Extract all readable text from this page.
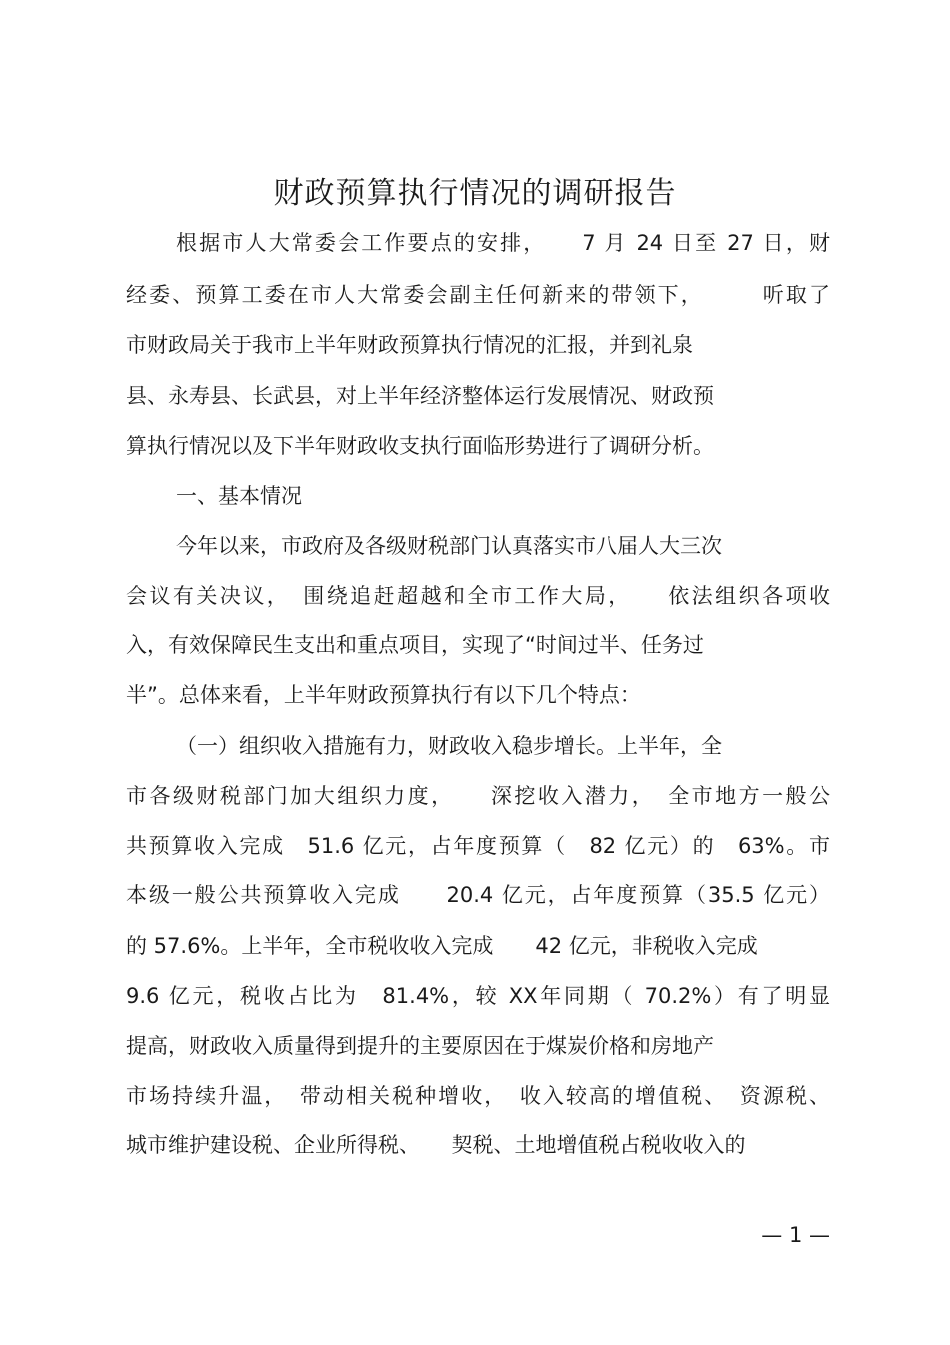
财政预算执行情况的调研报告
根据市人大常委会工作要点的安排，　　7 月 24 日至 27 日，财
经委、预算工委在市人大常委会副主任何新来的带领下，　　　听取了
市财政局关于我市上半年财政预算执行情况的汇报，并到礼泉
县、永寿县、长武县，对上半年经济整体运行发展情况、财政预
算执行情况以及下半年财政收支执行面临形势进行了调研分析。
一、基本情况
今年以来，市政府及各级财税部门认真落实市八届人大三次
会议有关决议，　围绕追赶超越和全市工作大局，　　依法组织各项收
入，有效保障民生支出和重点项目，实现了“时间过半、任务过
半”。总体来看，上半年财政预算执行有以下几个特点：
（一）组织收入措施有力，财政收入稳步增长。上半年，全
市各级财税部门加大组织力度，　　深挖收入潜力，　全市地方一般公
共预算收入完成　51.6 亿元，占年度预算（　82 亿元）的　63%。市
本级一般公共预算收入完成　　20.4 亿元，占年度预算（35.5 亿元）
的 57.6%。上半年，全市税收收入完成　　42 亿元，非税收入完成
9.6 亿元，税收占比为　81.4%，较 XX年同期（ 70.2%）有了明显
提高，财政收入质量得到提升的主要原因在于煤炭价格和房地产
市场持续升温，　带动相关税种增收，　收入较高的增值税、　资源税、
城市维护建设税、企业所得税、　　契税、土地增值税占税收收入的
— 1 —
